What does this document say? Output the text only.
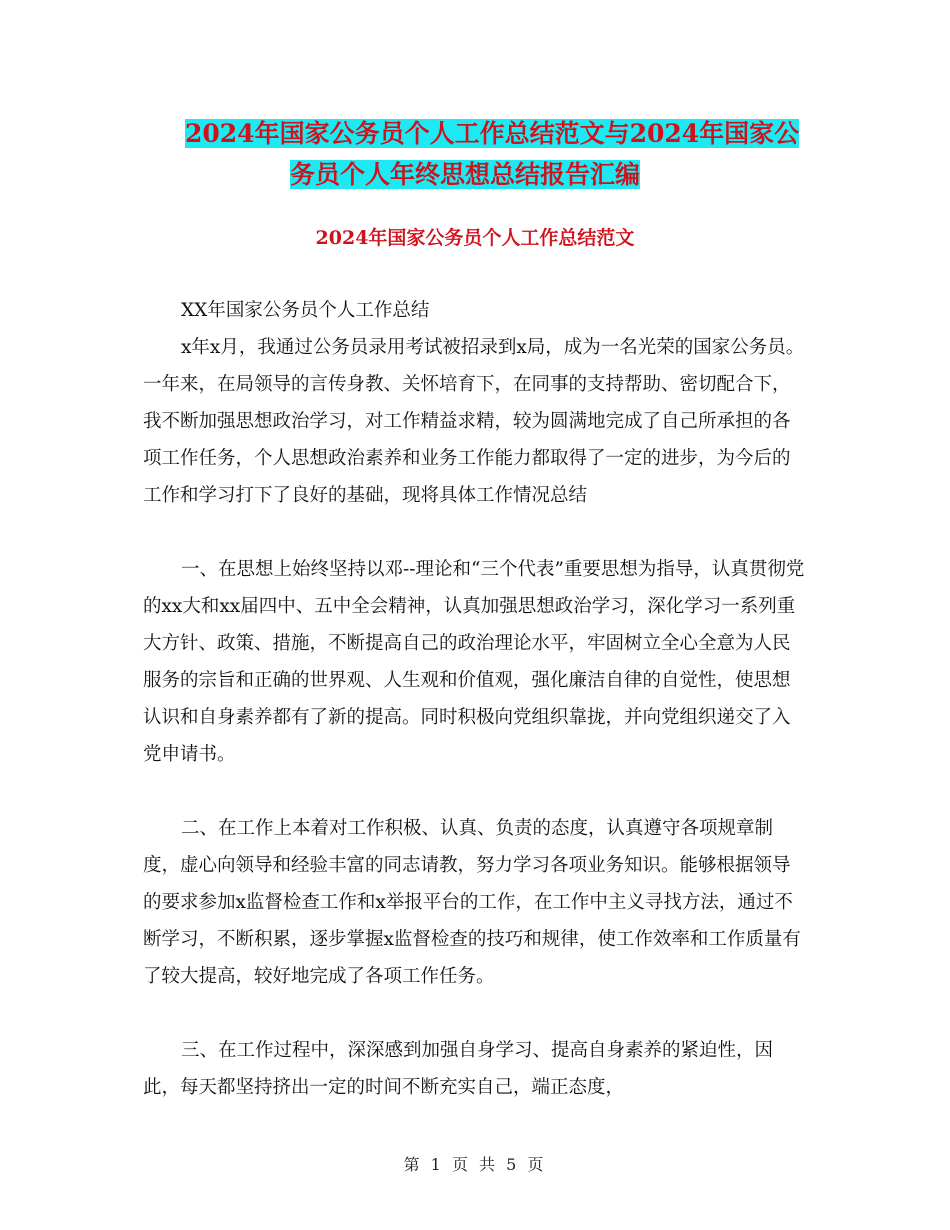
2024年国家公务员个人工作总结范文与2024年国家公
务员个人年终思想总结报告汇编
2024年国家公务员个人工作总结范文

XX年国家公务员个人工作总结

x年x月，我通过公务员录用考试被招录到x局，成为一名光荣的国家公务员。一年来，在局领导的言传身教、关怀培育下，在同事的支持帮助、密切配合下，我不断加强思想政治学习，对工作精益求精，较为圆满地完成了自己所承担的各项工作任务，个人思想政治素养和业务工作能力都取得了一定的进步，为今后的工作和学习打下了良好的基础，现将具体工作情况总结

一、在思想上始终坚持以邓--理论和“三个代表”重要思想为指导，认真贯彻党的xx大和xx届四中、五中全会精神，认真加强思想政治学习，深化学习一系列重大方针、政策、措施，不断提高自己的政治理论水平，牢固树立全心全意为人民服务的宗旨和正确的世界观、人生观和价值观，强化廉洁自律的自觉性，使思想认识和自身素养都有了新的提高。同时积极向党组织靠拢，并向党组织递交了入党申请书。

二、在工作上本着对工作积极、认真、负责的态度，认真遵守各项规章制度，虚心向领导和经验丰富的同志请教，努力学习各项业务知识。能够根据领导的要求参加x监督检查工作和x举报平台的工作，在工作中主义寻找方法，通过不断学习，不断积累，逐步掌握x监督检查的技巧和规律，使工作效率和工作质量有了较大提高，较好地完成了各项工作任务。

三、在工作过程中，深深感到加强自身学习、提高自身素养的紧迫性，因此，每天都坚持挤出一定的时间不断充实自己，端正态度，

第 1 页 共 5 页
